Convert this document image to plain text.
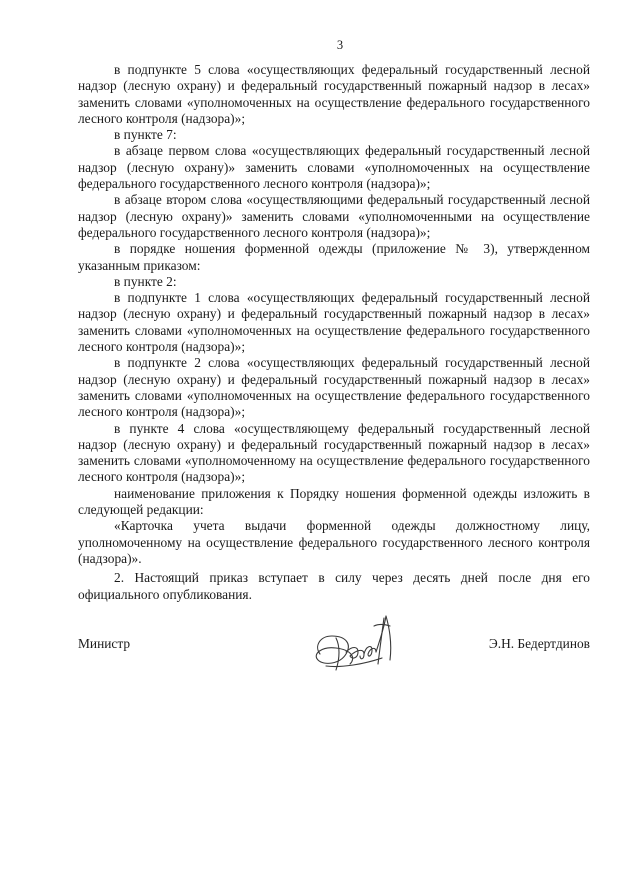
3

в подпункте 5 слова «осуществляющих федеральный государственный лесной надзор (лесную охрану) и федеральный государственный пожарный надзор в лесах» заменить словами «уполномоченных на осуществление федерального государственного лесного контроля (надзора)»;

в пункте 7:

в абзаце первом слова «осуществляющих федеральный государственный лесной надзор (лесную охрану)» заменить словами «уполномоченных на осуществление федерального государственного лесного контроля (надзора)»;

в абзаце втором слова «осуществляющими федеральный государственный лесной надзор (лесную охрану)» заменить словами «уполномоченными на осуществление федерального государственного лесного контроля (надзора)»;

в порядке ношения форменной одежды (приложение № 3), утвержденном указанным приказом:

в пункте 2:

в подпункте 1 слова «осуществляющих федеральный государственный лесной надзор (лесную охрану) и федеральный государственный пожарный надзор в лесах» заменить словами «уполномоченных на осуществление федерального государственного лесного контроля (надзора)»;

в подпункте 2 слова «осуществляющих федеральный государственный лесной надзор (лесную охрану) и федеральный государственный пожарный надзор в лесах» заменить словами «уполномоченных на осуществление федерального государственного лесного контроля (надзора)»;

в пункте 4 слова «осуществляющему федеральный государственный лесной надзор (лесную охрану) и федеральный государственный пожарный надзор в лесах» заменить словами «уполномоченному на осуществление федерального государственного лесного контроля (надзора)»;

наименование приложения к Порядку ношения форменной одежды изложить в следующей редакции:

«Карточка учета выдачи форменной одежды должностному лицу, уполномоченному на осуществление федерального государственного лесного контроля (надзора)».

2. Настоящий приказ вступает в силу через десять дней после дня его официального опубликования.

Министр	Э.Н. Бедертдинов
